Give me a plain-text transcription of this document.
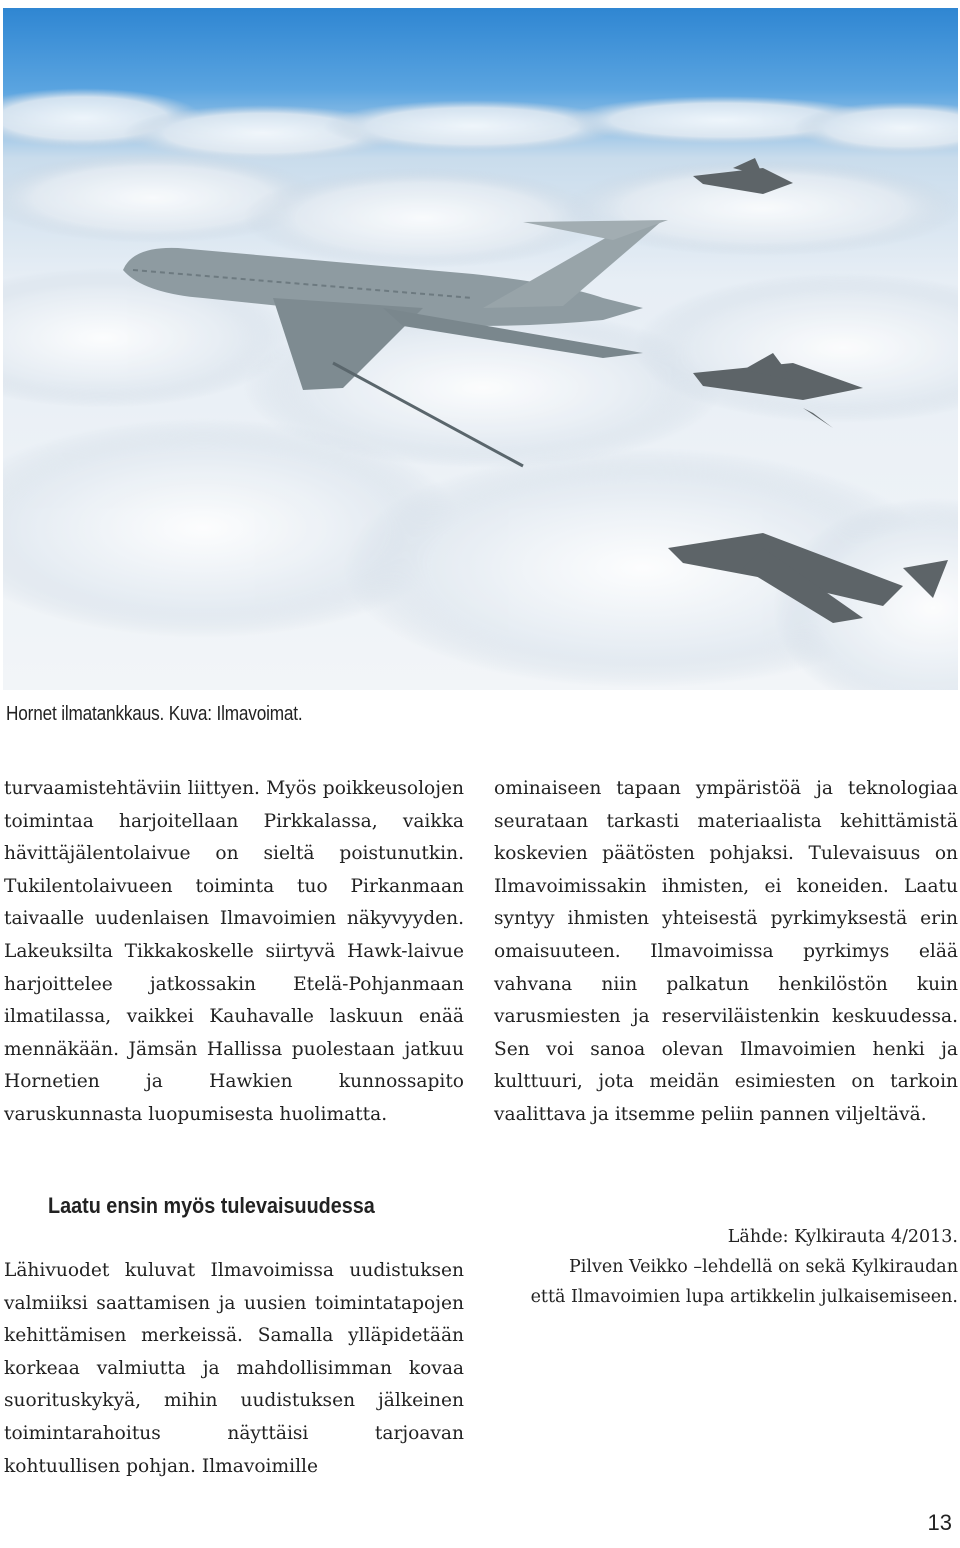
Hornet ilmatankkaus. Kuva: Ilmavoimat.

turvaamistehtäviin liittyen. Myös poikkeusolojen toimintaa harjoitellaan Pirkkalassa, vaikka hävittäjälentolaivue on sieltä poistunutkin. Tukilentolaivueen toiminta tuo Pirkanmaan taivaalle uudenlaisen Ilmavoimien näkyvyyden. Lakeuksilta Tikkakoskelle siirtyvä Hawk-laivue harjoittelee jatkossakin Etelä-Pohjanmaan ilmatilassa, vaikkei Kauhavalle laskuun enää mennäkään. Jämsän Hallissa puolestaan jatkuu Hornetien ja Hawkien kunnossapito varuskunnasta luopumisesta huolimatta.

Laatu ensin myös tulevaisuudessa

Lähivuodet kuluvat Ilmavoimissa uudistuksen valmiiksi saattamisen ja uusien toimintatapojen kehittämisen merkeissä. Samalla ylläpidetään korkeaa valmiutta ja mahdollisimman kovaa suorituskykyä, mihin uudistuksen jälkeinen toimintarahoitus näyttäisi tarjoavan kohtuullisen pohjan. Ilmavoimille

ominaiseen tapaan ympäristöä ja teknologiaa seurataan tarkasti materiaalista kehittämistä koskevien päätösten pohjaksi. Tulevaisuus on Ilmavoimissakin ihmisten, ei koneiden. Laatu syntyy ihmisten yhteisestä pyrkimyksestä erin omaisuuteen. Ilmavoimissa pyrkimys elää vahvana niin palkatun henkilöstön kuin varusmiesten ja reserviläistenkin keskuudessa. Sen voi sanoa olevan Ilmavoimien henki ja kulttuuri, jota meidän esimiesten on tarkoin vaalittava ja itsemme peliin pannen viljeltävä.

Lähde: Kylkirauta 4/2013.
Pilven Veikko –lehdellä on sekä Kylkiraudan
että Ilmavoimien lupa artikkelin julkaisemiseen.
13
